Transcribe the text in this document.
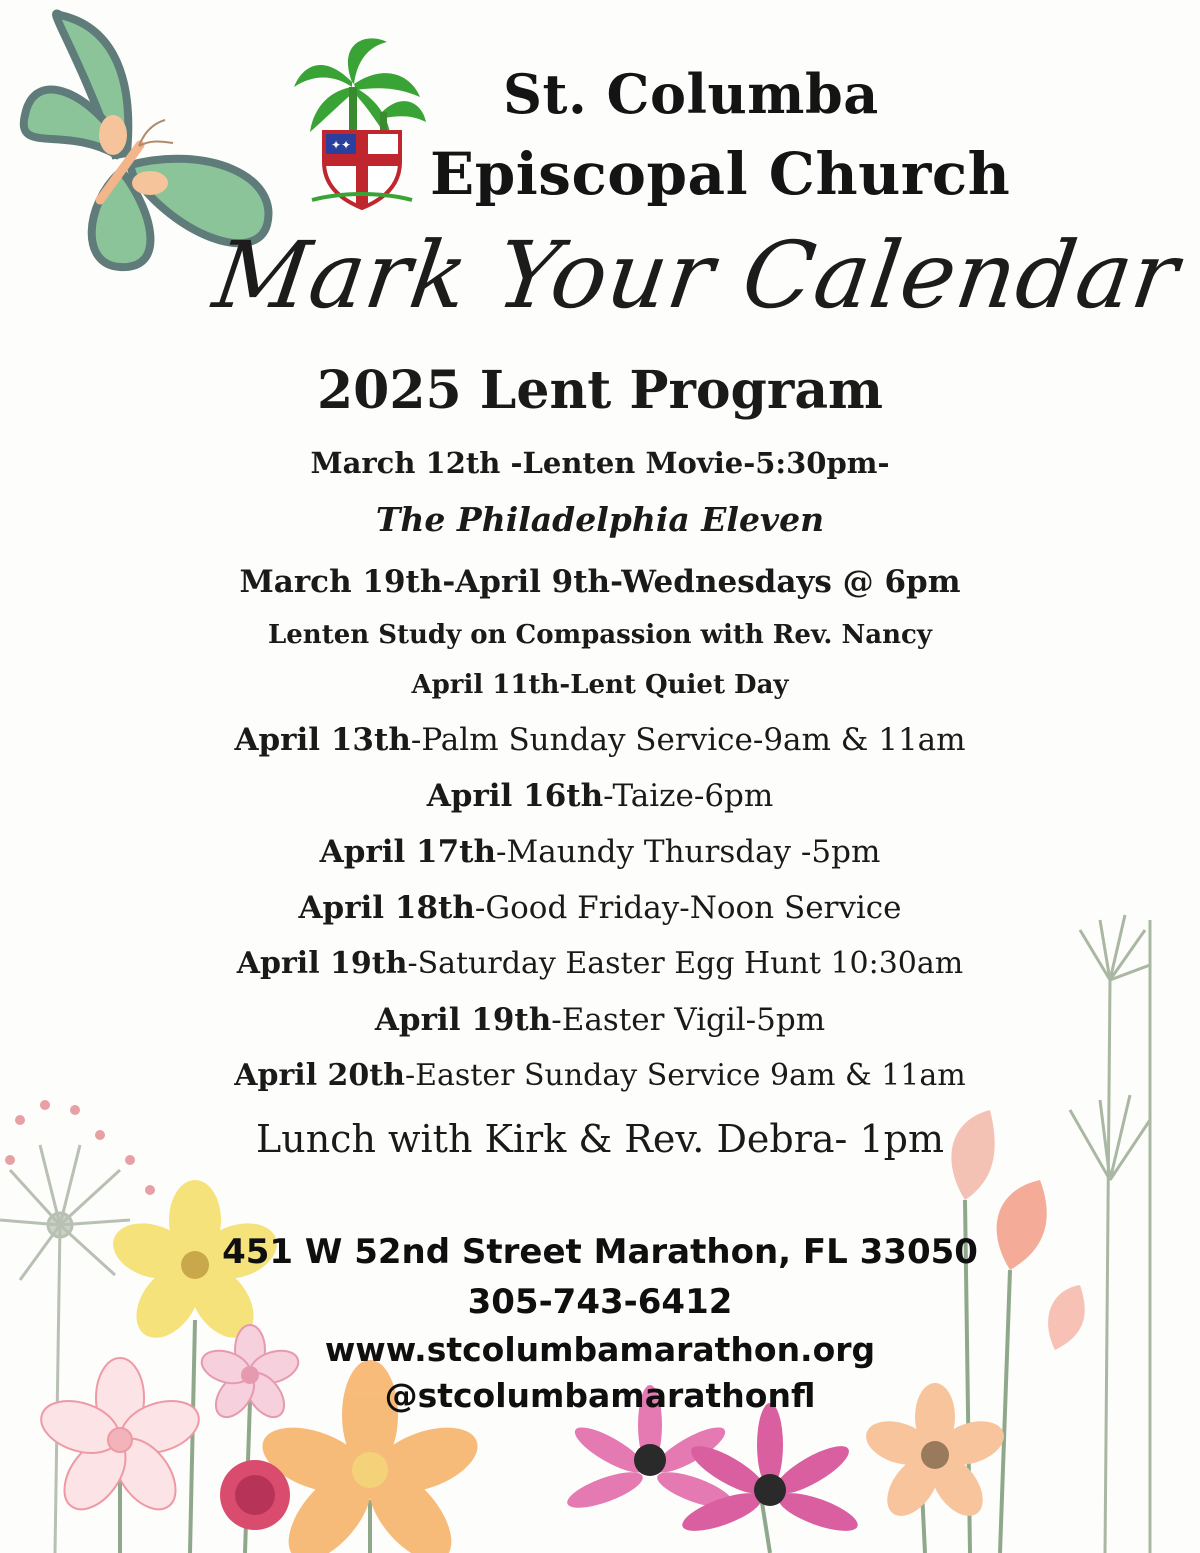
✦✦
St. Columba
Episcopal Church
Mark Your Calendar
2025 Lent Program
March 12th -Lenten Movie-5:30pm-
The Philadelphia Eleven
March 19th-April 9th-Wednesdays @ 6pm
Lenten Study on Compassion with Rev. Nancy
April 11th-Lent Quiet Day
April 13th-Palm Sunday Service-9am & 11am
April 16th-Taize-6pm
April 17th-Maundy Thursday -5pm
April 18th-Good Friday-Noon Service
April 19th-Saturday Easter Egg Hunt 10:30am
April 19th-Easter Vigil-5pm
April 20th-Easter Sunday Service 9am & 11am
Lunch with Kirk & Rev. Debra- 1pm
451 W 52nd Street Marathon, FL 33050
305-743-6412
www.stcolumbamarathon.org
@stcolumbamarathonfl
